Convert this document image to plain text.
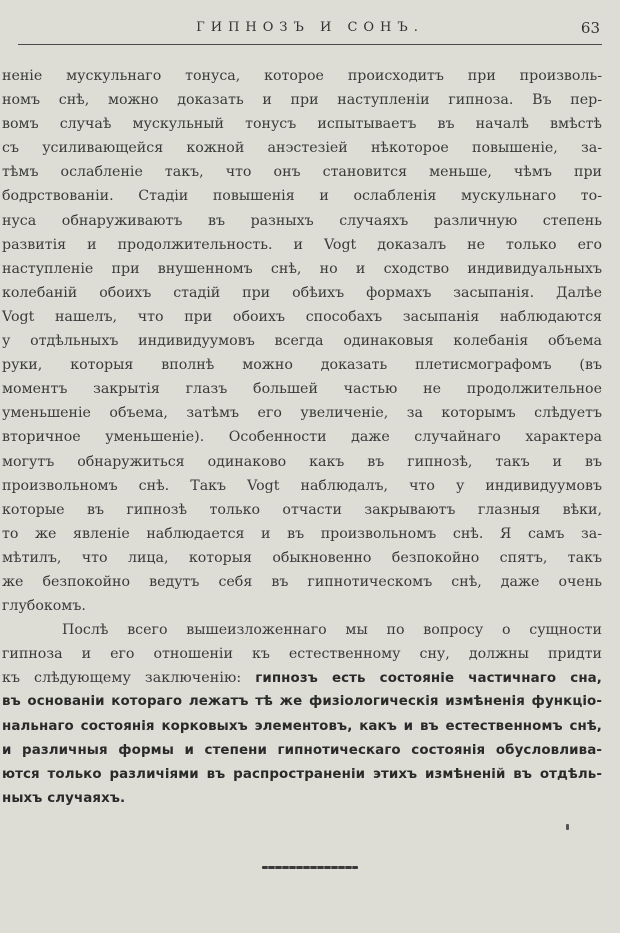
ГИПНОЗЪ И СОНЪ.	63
неніе мускульнаго тонуса, которое происходитъ при произволь-
номъ снѣ, можно доказать и при наступленіи гипноза. Въ пер-
вомъ случаѣ мускульный тонусъ испытываетъ въ началѣ вмѣстѣ
съ усиливающейся кожной анэстезіей нѣкоторое повышеніе, за-
тѣмъ ослабленіе такъ, что онъ становится меньше, чѣмъ при
бодрствованіи. Стадіи повышенія и ослабленія мускульнаго то-
нуса обнаруживаютъ въ разныхъ случаяхъ различную степень
развитія и продолжительность. и Vogt доказалъ не только его
наступленіе при внушенномъ снѣ, но и сходство индивидуальныхъ
колебаній обоихъ стадій при обѣихъ формахъ засыпанія. Далѣе
Vogt нашелъ, что при обоихъ способахъ засыпанія наблюдаются
у отдѣльныхъ индивидуумовъ всегда одинаковыя колебанія объема
руки, которыя вполнѣ можно доказать плетисмографомъ (въ
моментъ закрытія глазъ большей частью не продолжительное
уменьшеніе объема, затѣмъ его увеличеніе, за которымъ слѣдуетъ
вторичное уменьшеніе). Особенности даже случайнаго характера
могутъ обнаружиться одинаково какъ въ гипнозѣ, такъ и въ
произвольномъ снѣ. Такъ Vogt наблюдалъ, что у индивидуумовъ
которые въ гипнозѣ только отчасти закрываютъ глазныя вѣки,
то же явленіе наблюдается и въ произвольномъ снѣ. Я самъ за-
мѣтилъ, что лица, которыя обыкновенно безпокойно спятъ, такъ
же безпокойно ведутъ себя въ гипнотическомъ снѣ, даже очень
глубокомъ.
Послѣ всего вышеизложеннаго мы по вопросу о сущности
гипноза и его отношеніи къ естественному сну, должны придти
къ слѣдующему заключенію: гипнозъ есть состояніе частичнаго сна,
въ основаніи котораго лежатъ тѣ же физіологическія измѣненія функціо-
нальнаго состоянія корковыхъ элементовъ, какъ и въ естественномъ снѣ,
и различныя формы и степени гипнотическаго состоянія обусловлива-
ются только различіями въ распространеніи этихъ измѣненій въ отдѣль-
ныхъ случаяхъ.
